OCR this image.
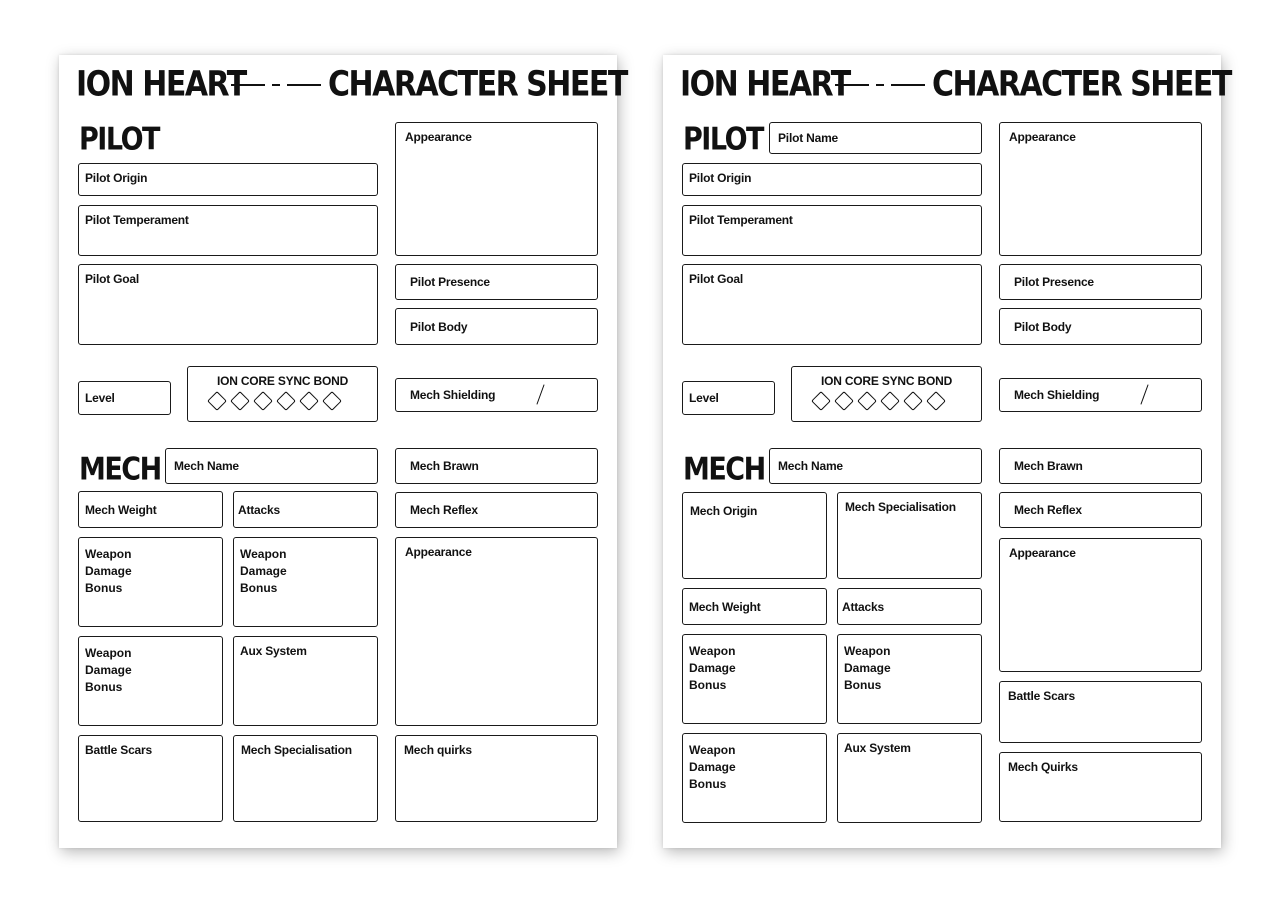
ION HEART	CHARACTER SHEET
PILOT
Pilot Origin
Pilot Temperament
Pilot Goal
Appearance
Pilot Presence
Pilot Body
Level
ION CORE SYNC BOND
Mech Shielding
MECH Mech Name	Mech Brawn
Mech Reflex
Mech Weight	Attacks
Weapon
Damage
Bonus
Weapon
Damage
Bonus
Weapon
Damage
Bonus
Aux System
Appearance
Battle Scars	Mech Specialisation	Mech quirks
ION HEART	CHARACTER SHEET
PILOT Pilot Name
Pilot Origin
Pilot Temperament
Pilot Goal
Appearance
Pilot Presence
Pilot Body
Level
ION CORE SYNC BOND
Mech Shielding
MECH Mech Name	Mech Brawn
Mech Reflex
Mech Origin	Mech Specialisation
Mech Weight	Attacks
Weapon
Damage
Bonus
Weapon
Damage
Bonus
Weapon
Damage
Bonus
Aux System
Appearance
Battle Scars
Mech Quirks
